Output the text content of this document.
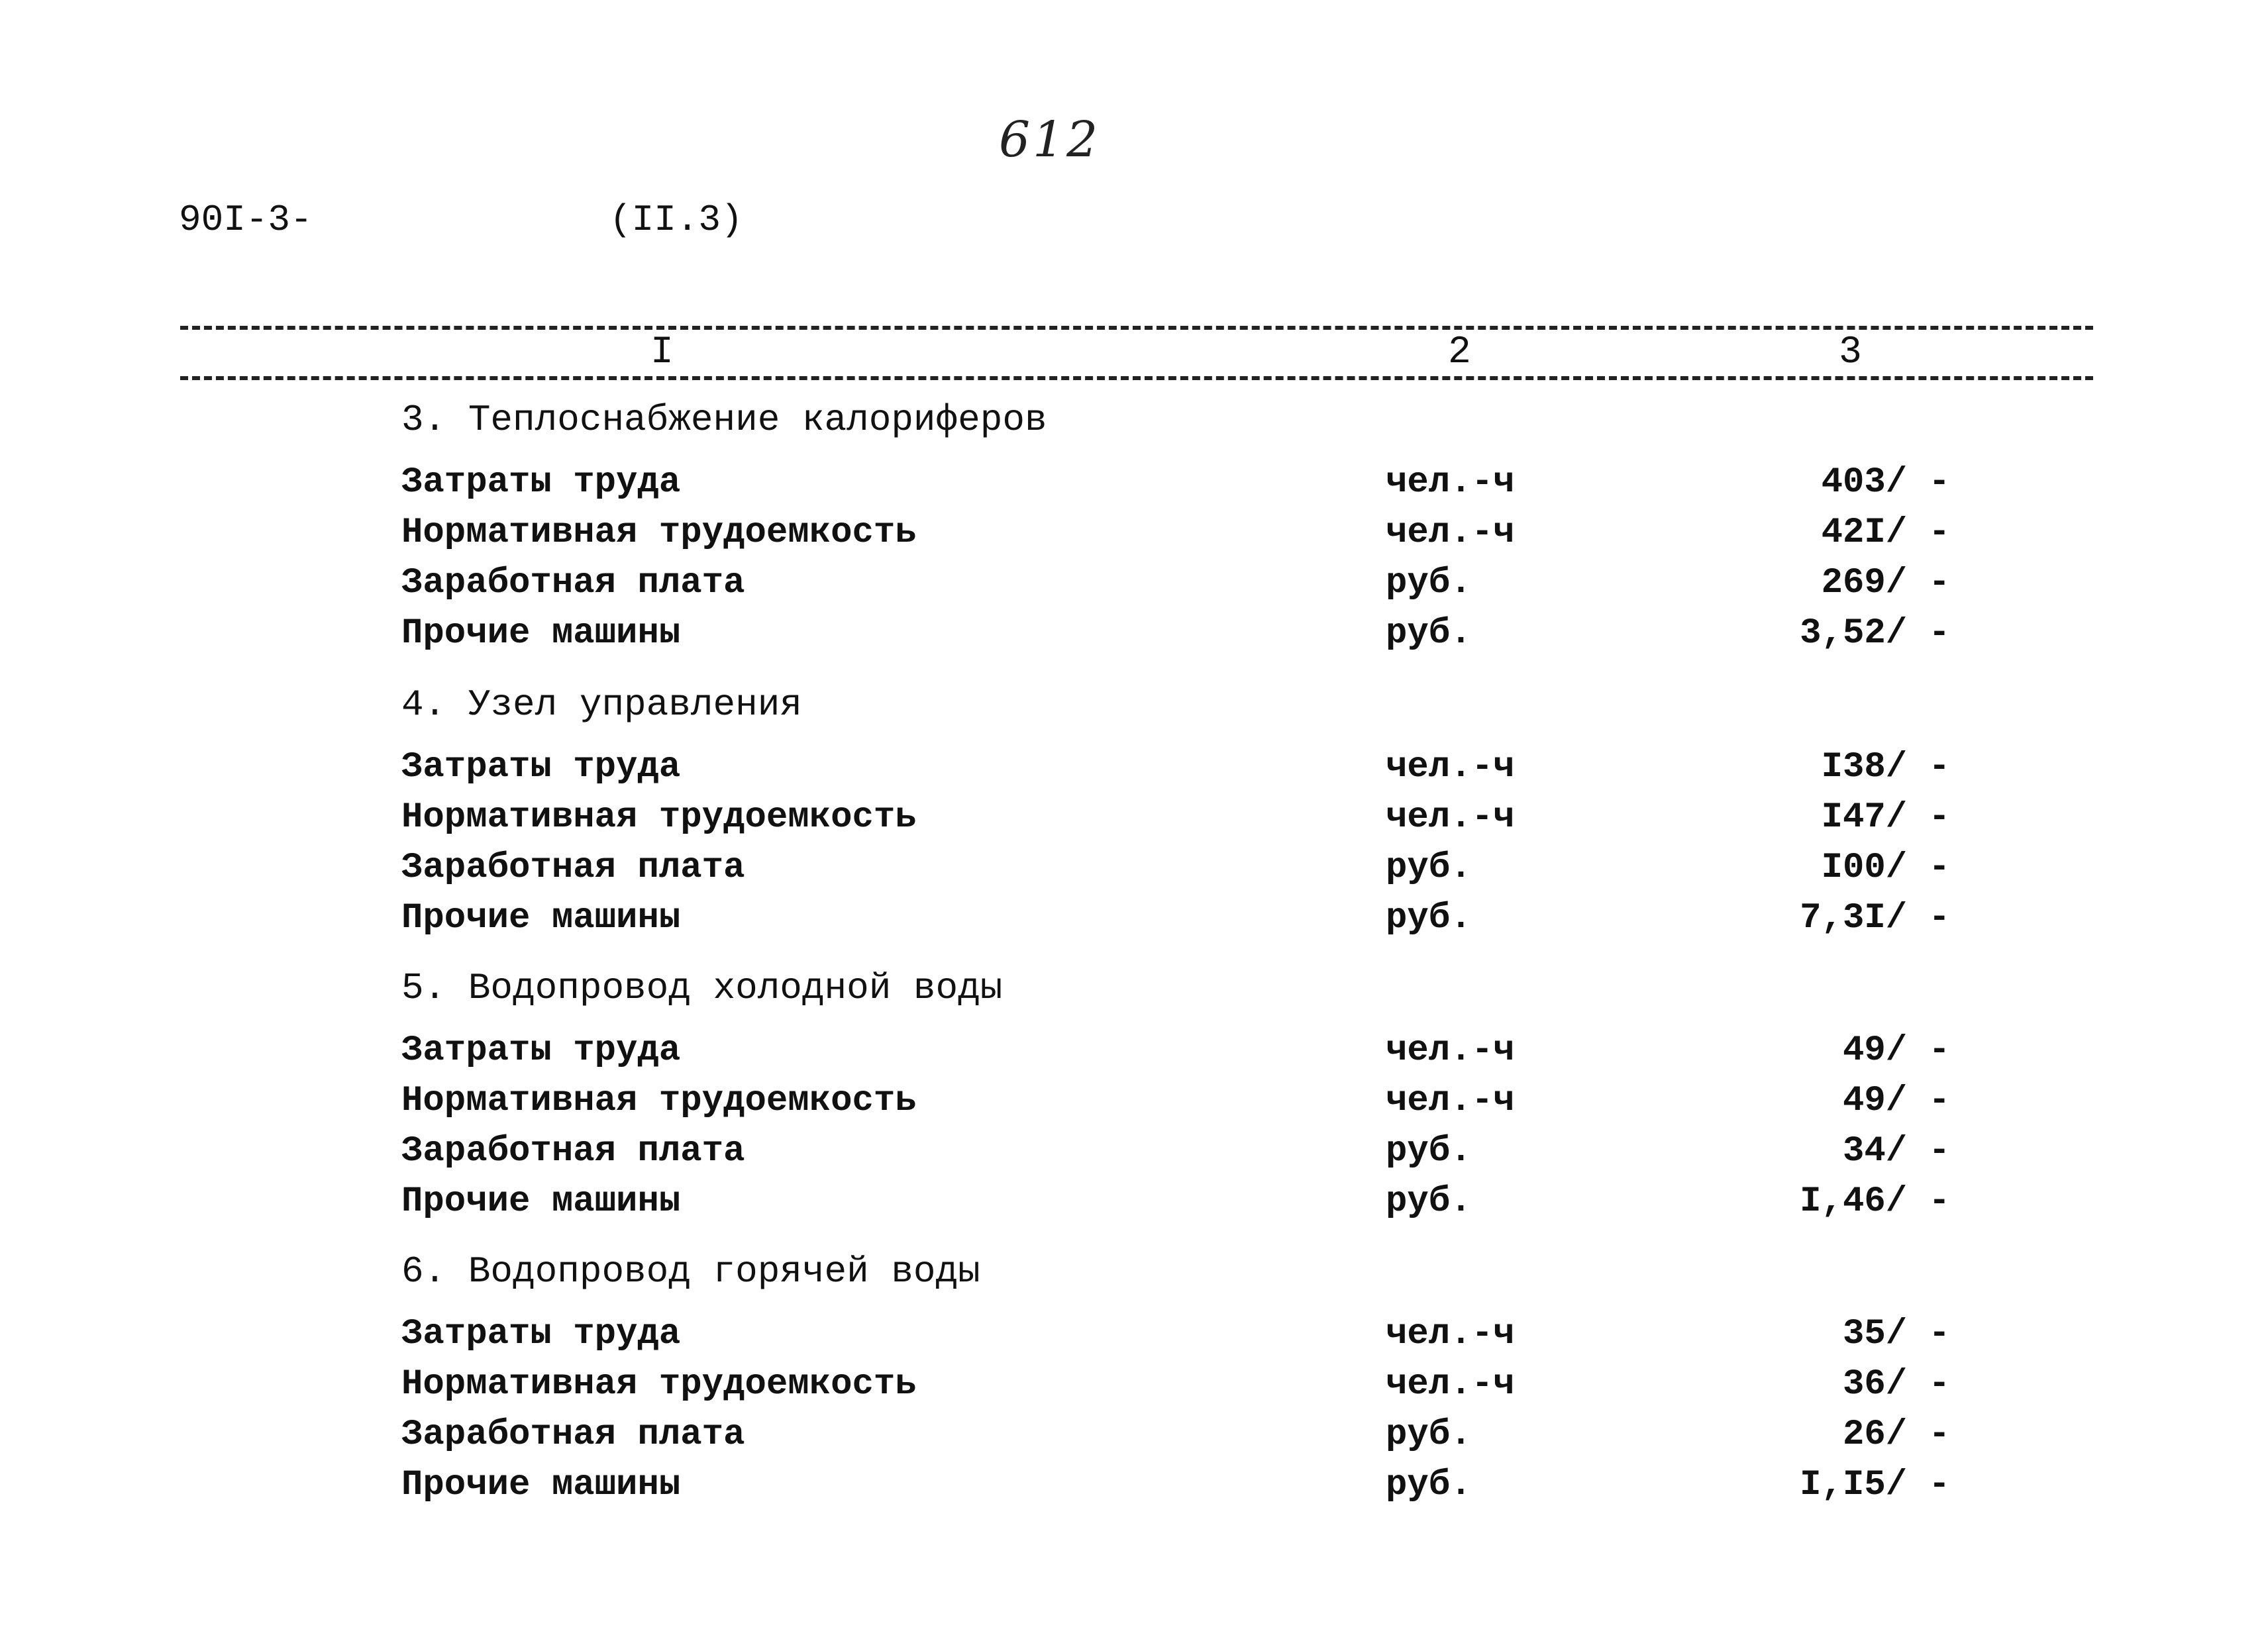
612
90I-3-	(II.3)
I	2	3
3. Теплоснабжение калориферов
Затраты труда	чел.-ч	403/ -
Нормативная трудоемкость	чел.-ч	42I/ -
Заработная плата	руб.	269/ -
Прочие машины	руб.	3,52/ -
4. Узел управления
Затраты труда	чел.-ч	I38/ -
Нормативная трудоемкость	чел.-ч	I47/ -
Заработная плата	руб.	I00/ -
Прочие машины	руб.	7,3I/ -
5. Водопровод холодной воды
Затраты труда	чел.-ч	49/ -
Нормативная трудоемкость	чел.-ч	49/ -
Заработная плата	руб.	34/ -
Прочие машины	руб.	I,46/ -
6. Водопровод горячей воды
Затраты труда	чел.-ч	35/ -
Нормативная трудоемкость	чел.-ч	36/ -
Заработная плата	руб.	26/ -
Прочие машины	руб.	I,I5/ -
